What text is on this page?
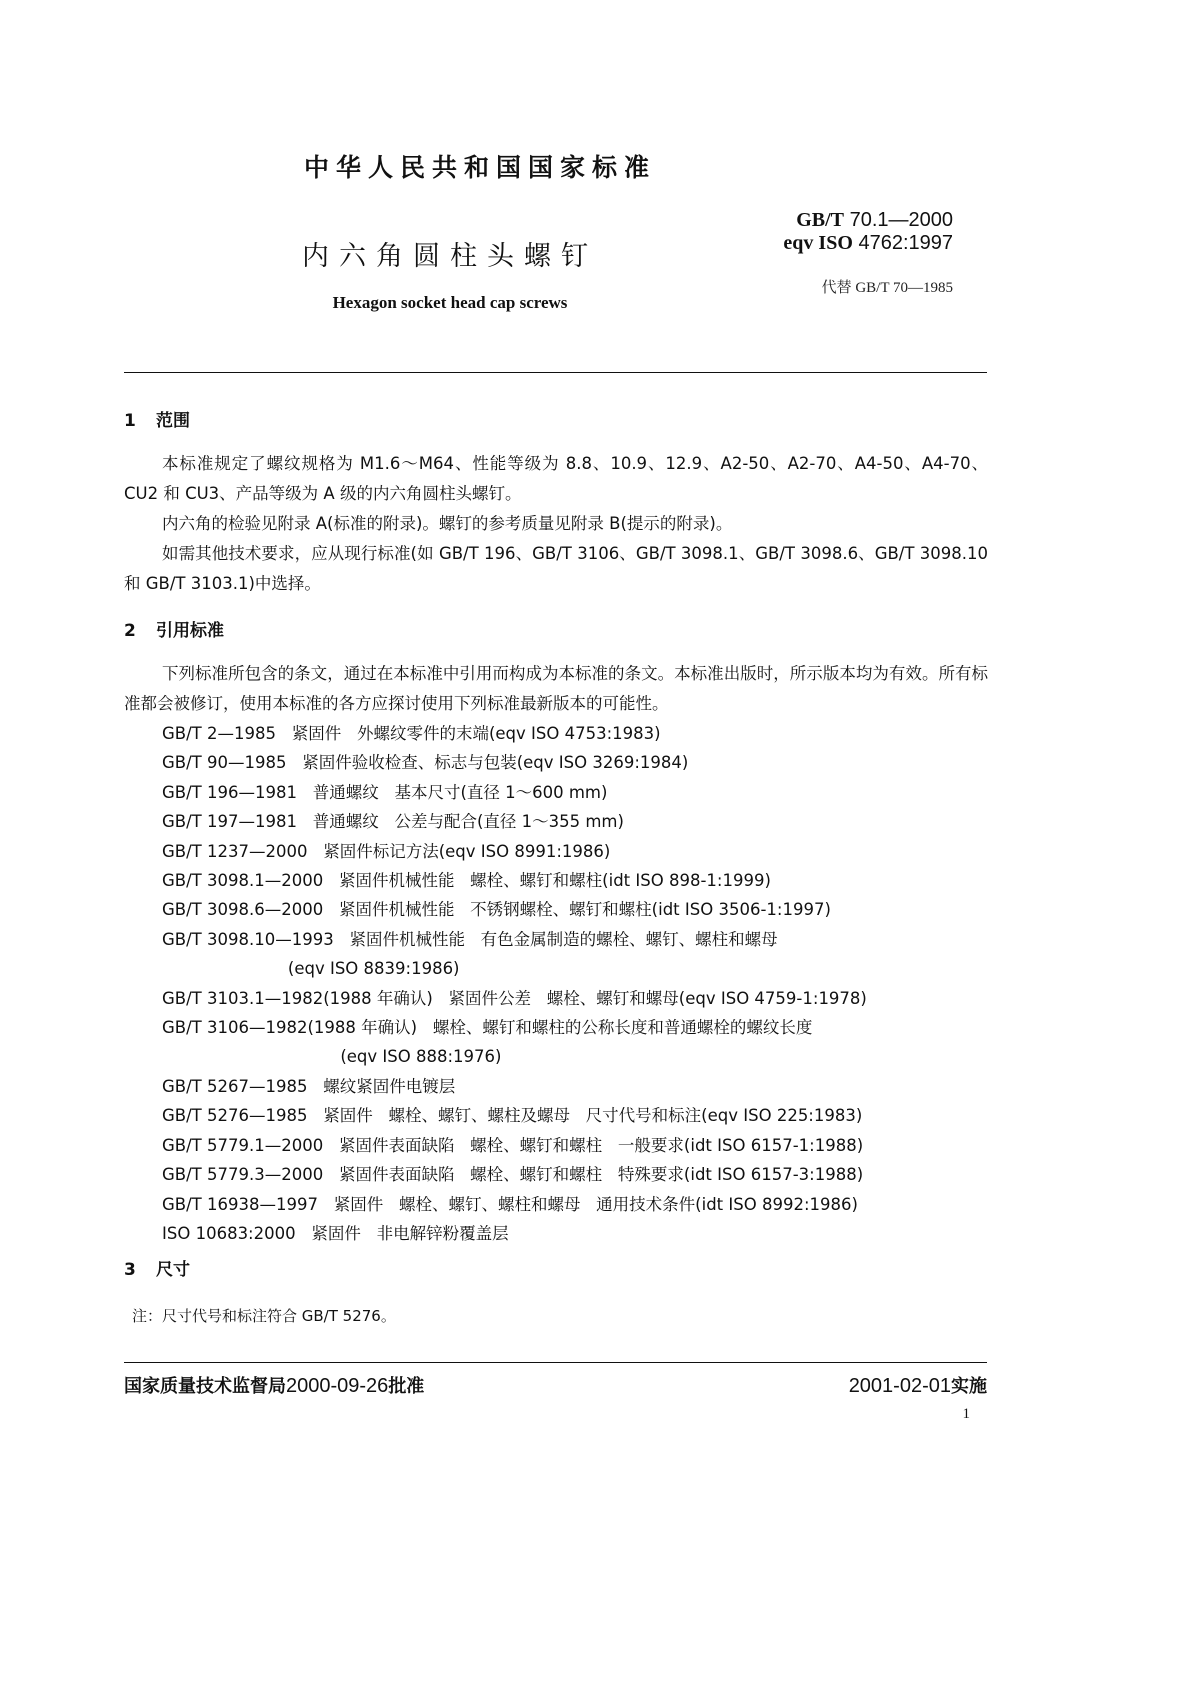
中华人民共和国国家标准
GB/T 70.1—2000
eqv ISO 4762:1997
内六角圆柱头螺钉
代替 GB/T 70—1985
Hexagon socket head cap screws
1 范围

本标准规定了螺纹规格为 M1.6～M64、性能等级为 8.8、10.9、12.9、A2-50、A2-70、A4-50、A4-70、CU2 和 CU3、产品等级为 A 级的内六角圆柱头螺钉。

内六角的检验见附录 A(标准的附录)。螺钉的参考质量见附录 B(提示的附录)。

如需其他技术要求，应从现行标准(如 GB/T 196、GB/T 3106、GB/T 3098.1、GB/T 3098.6、GB/T 3098.10和 GB/T 3103.1)中选择。

2 引用标准

下列标准所包含的条文，通过在本标准中引用而构成为本标准的条文。本标准出版时，所示版本均为有效。所有标准都会被修订，使用本标准的各方应探讨使用下列标准最新版本的可能性。

GB/T 2—1985   紧固件   外螺纹零件的末端(eqv ISO 4753:1983)

GB/T 90—1985   紧固件验收检查、标志与包装(eqv ISO 3269:1984)

GB/T 196—1981   普通螺纹   基本尺寸(直径 1～600 mm)

GB/T 197—1981   普通螺纹   公差与配合(直径 1～355 mm)

GB/T 1237—2000   紧固件标记方法(eqv ISO 8991:1986)

GB/T 3098.1—2000   紧固件机械性能   螺栓、螺钉和螺柱(idt ISO 898-1:1999)

GB/T 3098.6—2000   紧固件机械性能   不锈钢螺栓、螺钉和螺柱(idt ISO 3506-1:1997)

GB/T 3098.10—1993   紧固件机械性能   有色金属制造的螺栓、螺钉、螺柱和螺母

(eqv ISO 8839:1986)

GB/T 3103.1—1982(1988 年确认)   紧固件公差   螺栓、螺钉和螺母(eqv ISO 4759-1:1978)

GB/T 3106—1982(1988 年确认)   螺栓、螺钉和螺柱的公称长度和普通螺栓的螺纹长度

(eqv ISO 888:1976)

GB/T 5267—1985   螺纹紧固件电镀层

GB/T 5276—1985   紧固件   螺栓、螺钉、螺柱及螺母   尺寸代号和标注(eqv ISO 225:1983)

GB/T 5779.1—2000   紧固件表面缺陷   螺栓、螺钉和螺柱   一般要求(idt ISO 6157-1:1988)

GB/T 5779.3—2000   紧固件表面缺陷   螺栓、螺钉和螺柱   特殊要求(idt ISO 6157-3:1988)

GB/T 16938—1997   紧固件   螺栓、螺钉、螺柱和螺母   通用技术条件(idt ISO 8992:1986)

ISO 10683:2000   紧固件   非电解锌粉覆盖层

3 尺寸
注：尺寸代号和标注符合 GB/T 5276。
国家质量技术监督局2000-09-26批准	2001-02-01实施
1
